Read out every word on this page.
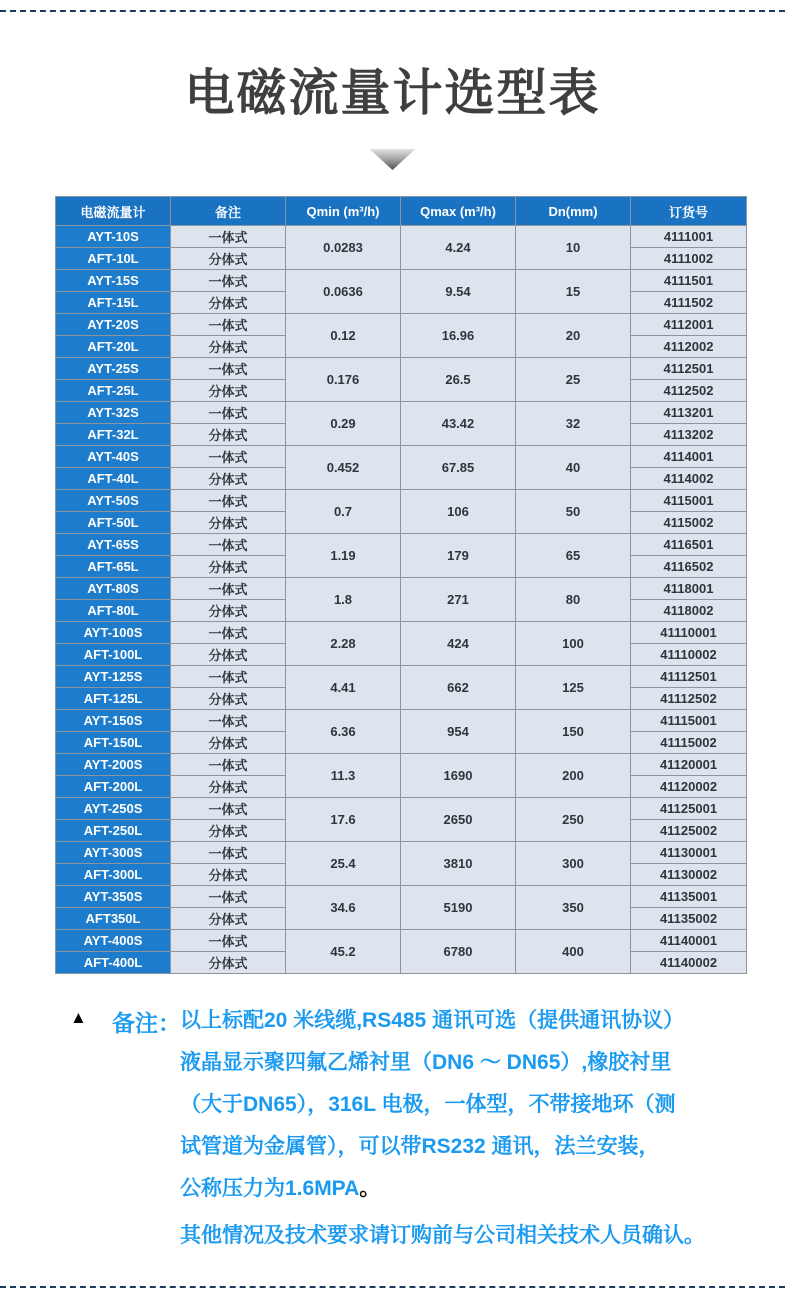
电磁流量计选型表
电磁流量计	备注	Qmin (m³/h)	Qmax (m³/h)	Dn(mm)	订货号
AYT-10S	一体式	0.0283	4.24	10	4111001
AFT-10L	分体式				4111002
AYT-15S	一体式	0.0636	9.54	15	4111501
AFT-15L	分体式				4111502
AYT-20S	一体式	0.12	16.96	20	4112001
AFT-20L	分体式				4112002
AYT-25S	一体式	0.176	26.5	25	4112501
AFT-25L	分体式				4112502
AYT-32S	一体式	0.29	43.42	32	4113201
AFT-32L	分体式				4113202
AYT-40S	一体式	0.452	67.85	40	4114001
AFT-40L	分体式				4114002
AYT-50S	一体式	0.7	106	50	4115001
AFT-50L	分体式				4115002
AYT-65S	一体式	1.19	179	65	4116501
AFT-65L	分体式				4116502
AYT-80S	一体式	1.8	271	80	4118001
AFT-80L	分体式				4118002
AYT-100S	一体式	2.28	424	100	41110001
AFT-100L	分体式				41110002
AYT-125S	一体式	4.41	662	125	41112501
AFT-125L	分体式				41112502
AYT-150S	一体式	6.36	954	150	41115001
AFT-150L	分体式				41115002
AYT-200S	一体式	11.3	1690	200	41120001
AFT-200L	分体式				41120002
AYT-250S	一体式	17.6	2650	250	41125001
AFT-250L	分体式				41125002
AYT-300S	一体式	25.4	3810	300	41130001
AFT-300L	分体式				41130002
AYT-350S	一体式	34.6	5190	350	41135001
AFT350L	分体式				41135002
AYT-400S	一体式	45.2	6780	400	41140001
AFT-400L	分体式				41140002
▲ 备注： 以上标配20 米线缆,RS485 通讯可选（提供通讯协议）
液晶显示聚四氟乙烯衬里（DN6 ～ DN65）,橡胶衬里
（大于DN65），316L 电极，一体型，不带接地环（测
试管道为金属管），可以带RS232 通讯，法兰安装，
公称压力为1.6MPA。
其他情况及技术要求请订购前与公司相关技术人员确认。
